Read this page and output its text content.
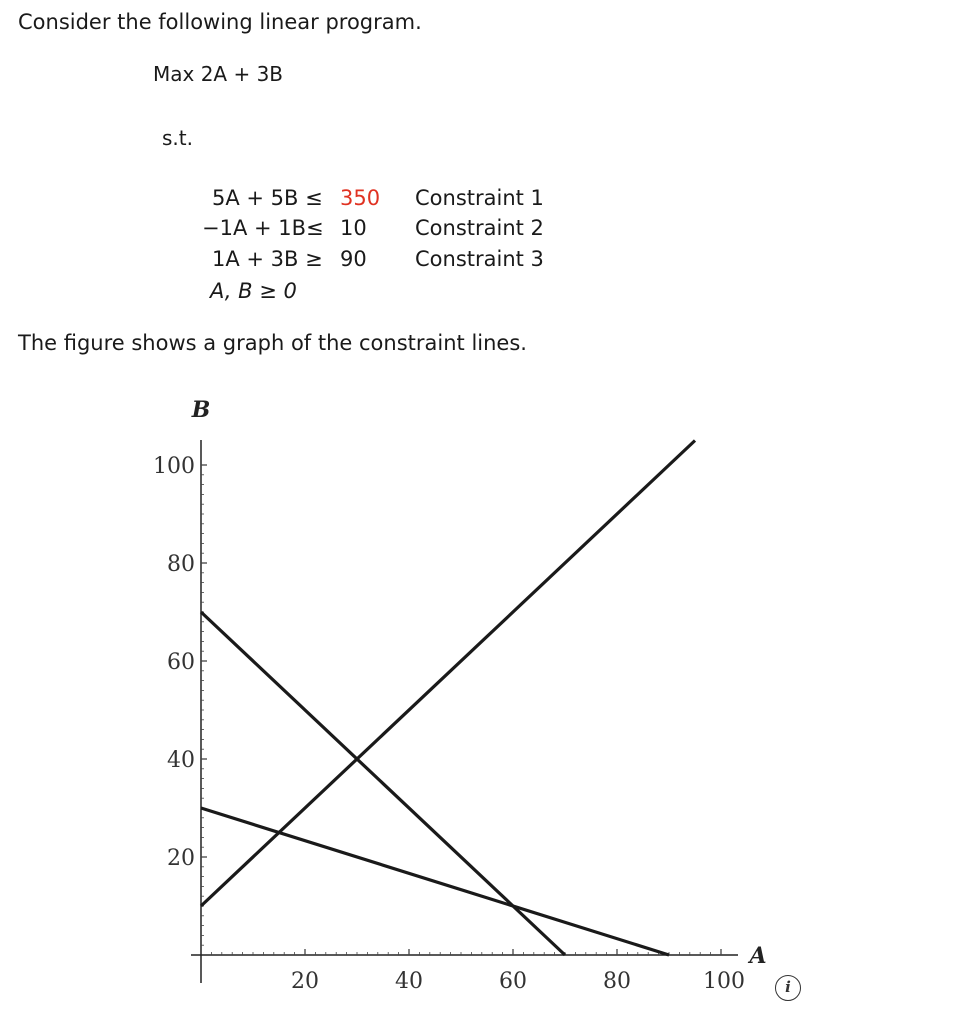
Consider the following linear program.
Max 2A + 3B
s.t.
5A + 5B ≤ 350 Constraint 1
−1A + 1B≤ 10 Constraint 2
1A + 3B ≥ 90 Constraint 3
A, B ≥ 0
The figure shows a graph of the constraint lines.
20
40
60
80
100
20	40	60	80	100
B
A
i
